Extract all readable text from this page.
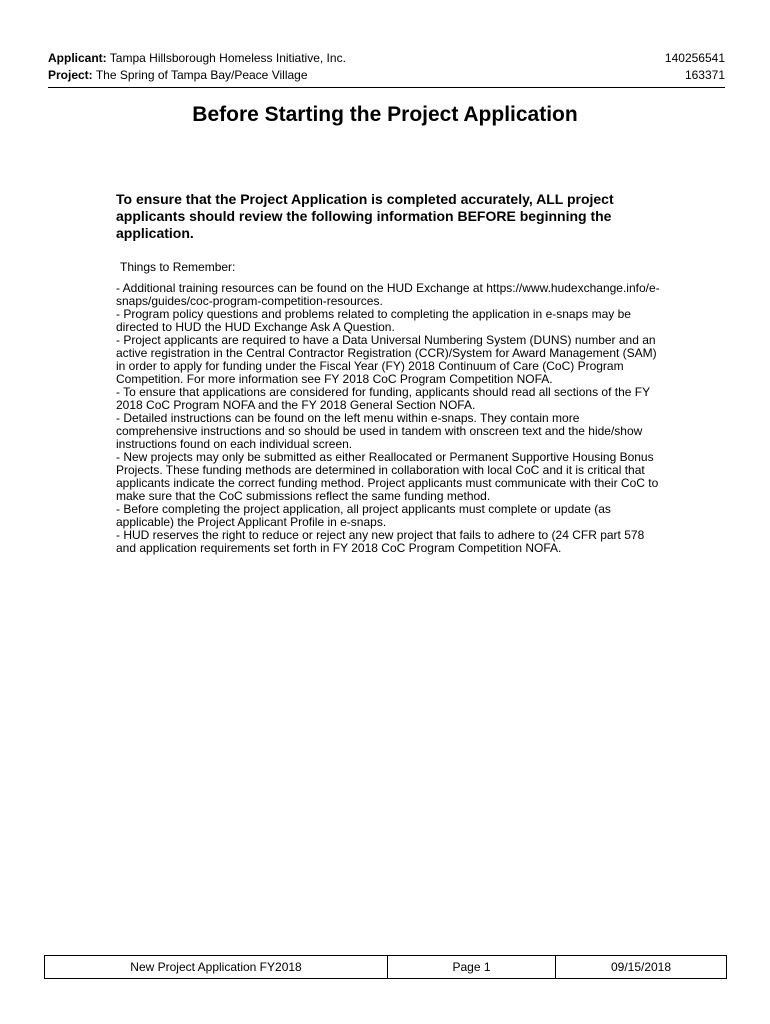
Applicant: Tampa Hillsborough Homeless Initiative, Inc.	140256541
Project: The Spring of Tampa Bay/Peace Village	163371
Before Starting the Project Application

To ensure that the Project Application is completed accurately, ALL project applicants should review the following information BEFORE beginning the application.

Things to Remember:

- Additional training resources can be found on the HUD Exchange at https://www.hudexchange.info/e-snaps/guides/coc-program-competition-resources.

- Program policy questions and problems related to completing the application in e-snaps may be directed to HUD the HUD Exchange Ask A Question.

- Project applicants are required to have a Data Universal Numbering System (DUNS) number and an active registration in the Central Contractor Registration (CCR)/System for Award Management (SAM) in order to apply for funding under the Fiscal Year (FY) 2018 Continuum of Care (CoC) Program Competition. For more information see FY 2018 CoC Program Competition NOFA.

- To ensure that applications are considered for funding, applicants should read all sections of the FY 2018 CoC Program NOFA and the FY 2018 General Section NOFA.

- Detailed instructions can be found on the left menu within e-snaps. They contain more comprehensive instructions and so should be used in tandem with onscreen text and the hide/show instructions found on each individual screen.

- New projects may only be submitted as either Reallocated or Permanent Supportive Housing Bonus Projects. These funding methods are determined in collaboration with local CoC and it is critical that applicants indicate the correct funding method. Project applicants must communicate with their CoC to make sure that the CoC submissions reflect the same funding method.

- Before completing the project application, all project applicants must complete or update (as applicable) the Project Applicant Profile in e-snaps.

- HUD reserves the right to reduce or reject any new project that fails to adhere to (24 CFR part 578 and application requirements set forth in FY 2018 CoC Program Competition NOFA.

New Project Application FY2018	Page 1	09/15/2018
